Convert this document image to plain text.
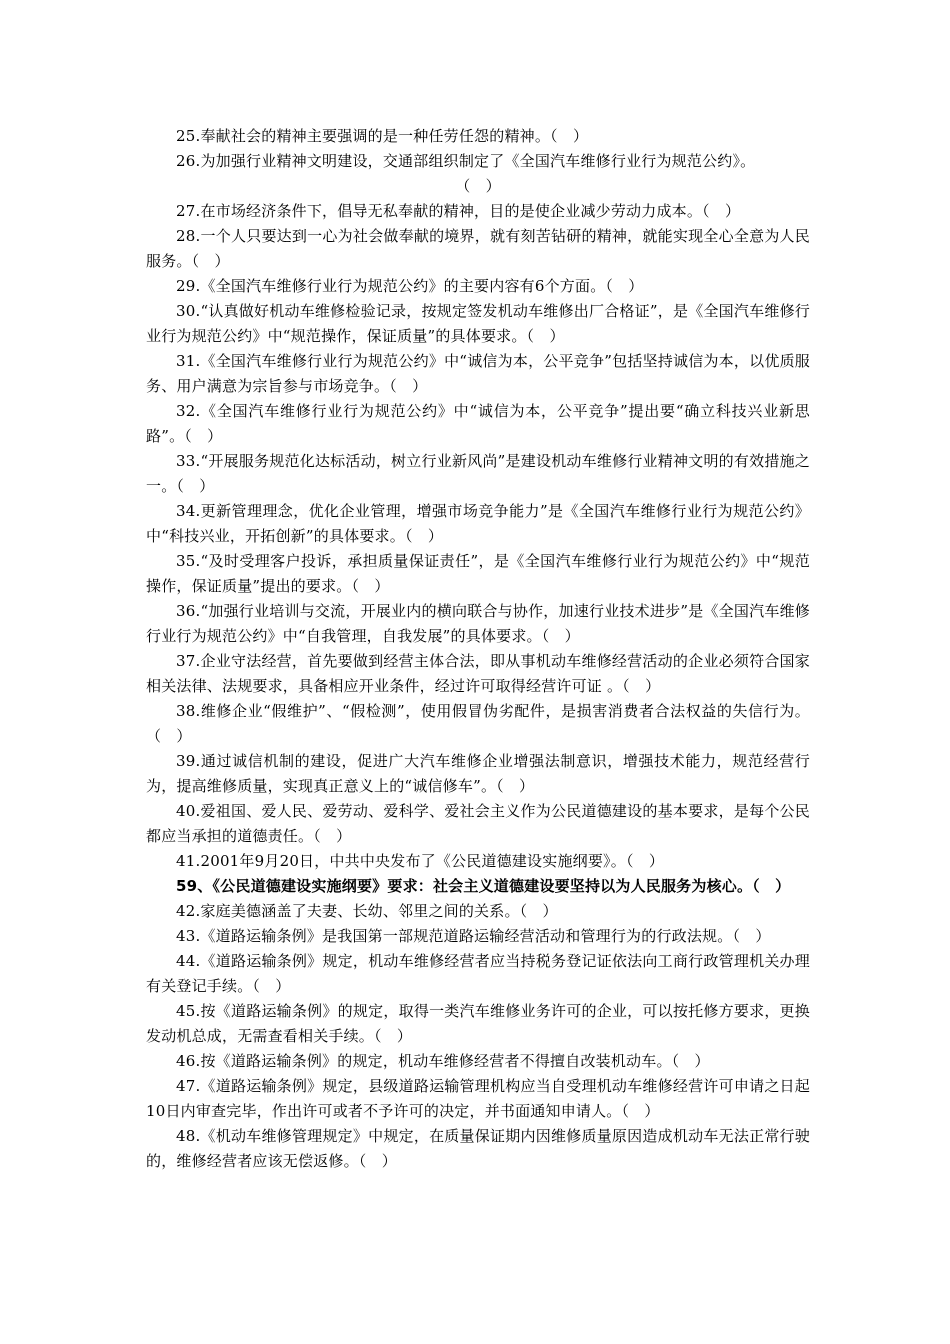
25.奉献社会的精神主要强调的是一种任劳任怨的精神。（　）

26.为加强行业精神文明建设，交通部组织制定了《全国汽车维修行业行为规范公约》。
（　）

27.在市场经济条件下，倡导无私奉献的精神，目的是使企业减少劳动力成本。（　）

28.一个人只要达到一心为社会做奉献的境界，就有刻苦钻研的精神，就能实现全心全意为人民服务。（　）

29.《全国汽车维修行业行为规范公约》的主要内容有6个方面。（　）

30.“认真做好机动车维修检验记录，按规定签发机动车维修出厂合格证”，是《全国汽车维修行业行为规范公约》中“规范操作，保证质量”的具体要求。（　）

31.《全国汽车维修行业行为规范公约》中“诚信为本，公平竞争”包括坚持诚信为本，以优质服务、用户满意为宗旨参与市场竞争。（　）

32.《全国汽车维修行业行为规范公约》中“诚信为本，公平竞争”提出要“确立科技兴业新思路”。（　）

33.“开展服务规范化达标活动，树立行业新风尚”是建设机动车维修行业精神文明的有效措施之一。（　）

34.更新管理理念，优化企业管理，增强市场竞争能力”是《全国汽车维修行业行为规范公约》中“科技兴业，开拓创新”的具体要求。（　）

35.“及时受理客户投诉，承担质量保证责任”，是《全国汽车维修行业行为规范公约》中“规范操作，保证质量”提出的要求。（　）

36.“加强行业培训与交流，开展业内的横向联合与协作，加速行业技术进步”是《全国汽车维修行业行为规范公约》中“自我管理，自我发展”的具体要求。（　）

37.企业守法经营，首先要做到经营主体合法，即从事机动车维修经营活动的企业必须符合国家相关法律、法规要求，具备相应开业条件，经过许可取得经营许可证 。（　）

38.维修企业“假维护”、“假检测”，使用假冒伪劣配件，是损害消费者合法权益的失信行为。（　）

39.通过诚信机制的建设，促进广大汽车维修企业增强法制意识，增强技术能力，规范经营行为，提高维修质量，实现真正意义上的“诚信修车”。（　）

40.爱祖国、爱人民、爱劳动、爱科学、爱社会主义作为公民道德建设的基本要求，是每个公民都应当承担的道德责任。（　）

41.2001年9月20日，中共中央发布了《公民道德建设实施纲要》。（　）

59、《公民道德建设实施纲要》要求：社会主义道德建设要坚持以为人民服务为核心。（　）

42.家庭美德涵盖了夫妻、长幼、邻里之间的关系。（　）

43.《道路运输条例》是我国第一部规范道路运输经营活动和管理行为的行政法规。（　）

44.《道路运输条例》规定，机动车维修经营者应当持税务登记证依法向工商行政管理机关办理有关登记手续。（　）

45.按《道路运输条例》的规定，取得一类汽车维修业务许可的企业，可以按托修方要求，更换发动机总成，无需查看相关手续。（　）

46.按《道路运输条例》的规定，机动车维修经营者不得擅自改装机动车。（　）

47.《道路运输条例》规定，县级道路运输管理机构应当自受理机动车维修经营许可申请之日起10日内审查完毕，作出许可或者不予许可的决定，并书面通知申请人。（　）

48.《机动车维修管理规定》中规定，在质量保证期内因维修质量原因造成机动车无法正常行驶的，维修经营者应该无偿返修。（　）
